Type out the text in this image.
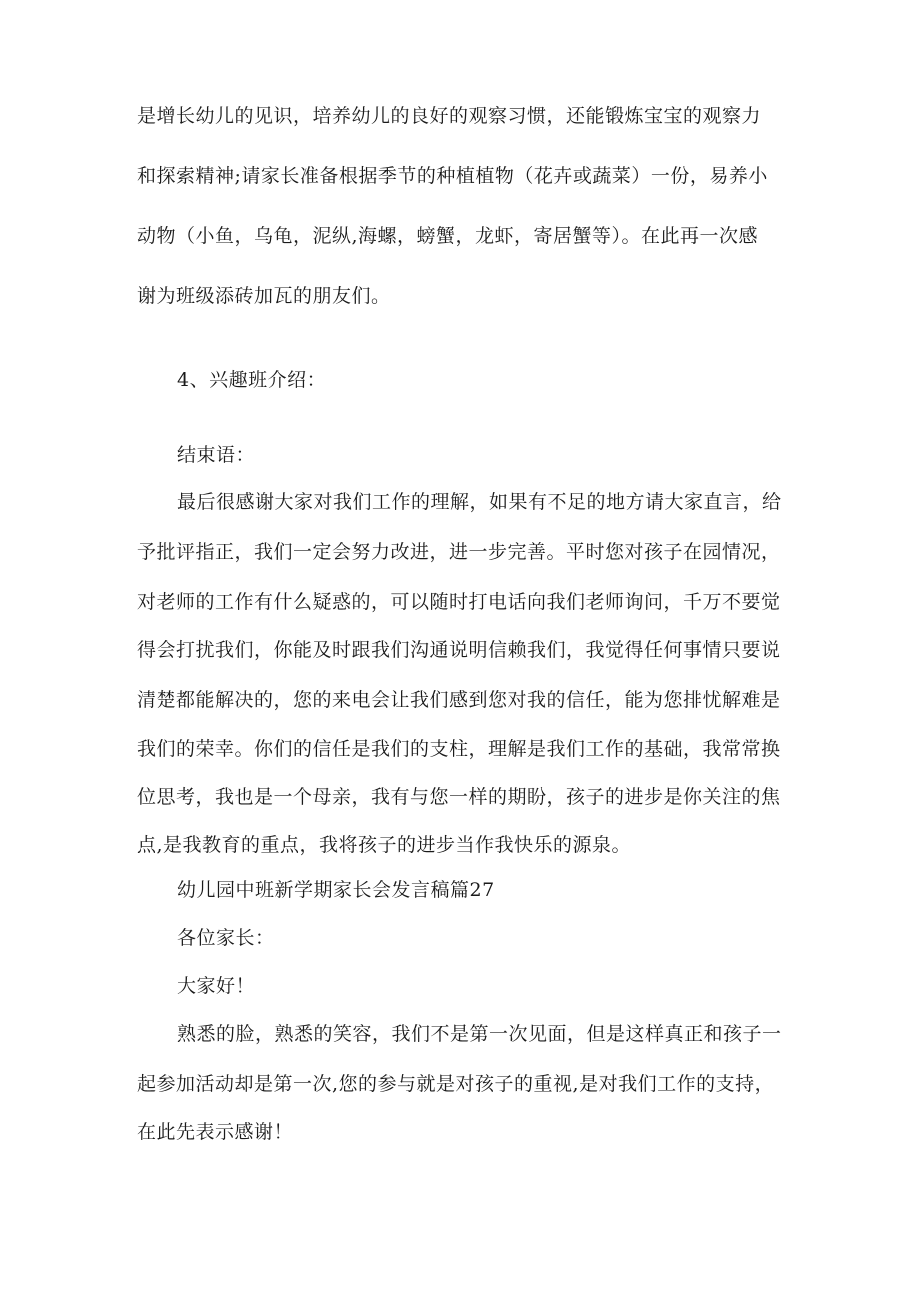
是增长幼儿的见识，培养幼儿的良好的观察习惯，还能锻炼宝宝的观察力
和探索精神;请家长准备根据季节的种植植物（花卉或蔬菜）一份，易养小
动物（小鱼，乌龟，泥纵,海螺，螃蟹，龙虾，寄居蟹等）。在此再一次感
谢为班级添砖加瓦的朋友们。
4、兴趣班介绍：
结束语：
最后很感谢大家对我们工作的理解，如果有不足的地方请大家直言，给
予批评指正，我们一定会努力改进，进一步完善。平时您对孩子在园情况，
对老师的工作有什么疑惑的，可以随时打电话向我们老师询问，千万不要觉
得会打扰我们，你能及时跟我们沟通说明信赖我们，我觉得任何事情只要说
清楚都能解决的，您的来电会让我们感到您对我的信任，能为您排忧解难是
我们的荣幸。你们的信任是我们的支柱，理解是我们工作的基础，我常常换
位思考，我也是一个母亲，我有与您一样的期盼，孩子的进步是你关注的焦
点,是我教育的重点，我将孩子的进步当作我快乐的源泉。
幼儿园中班新学期家长会发言稿篇27
各位家长：
大家好！
熟悉的脸，熟悉的笑容，我们不是第一次见面，但是这样真正和孩子一
起参加活动却是第一次,您的参与就是对孩子的重视,是对我们工作的支持，
在此先表示感谢！
